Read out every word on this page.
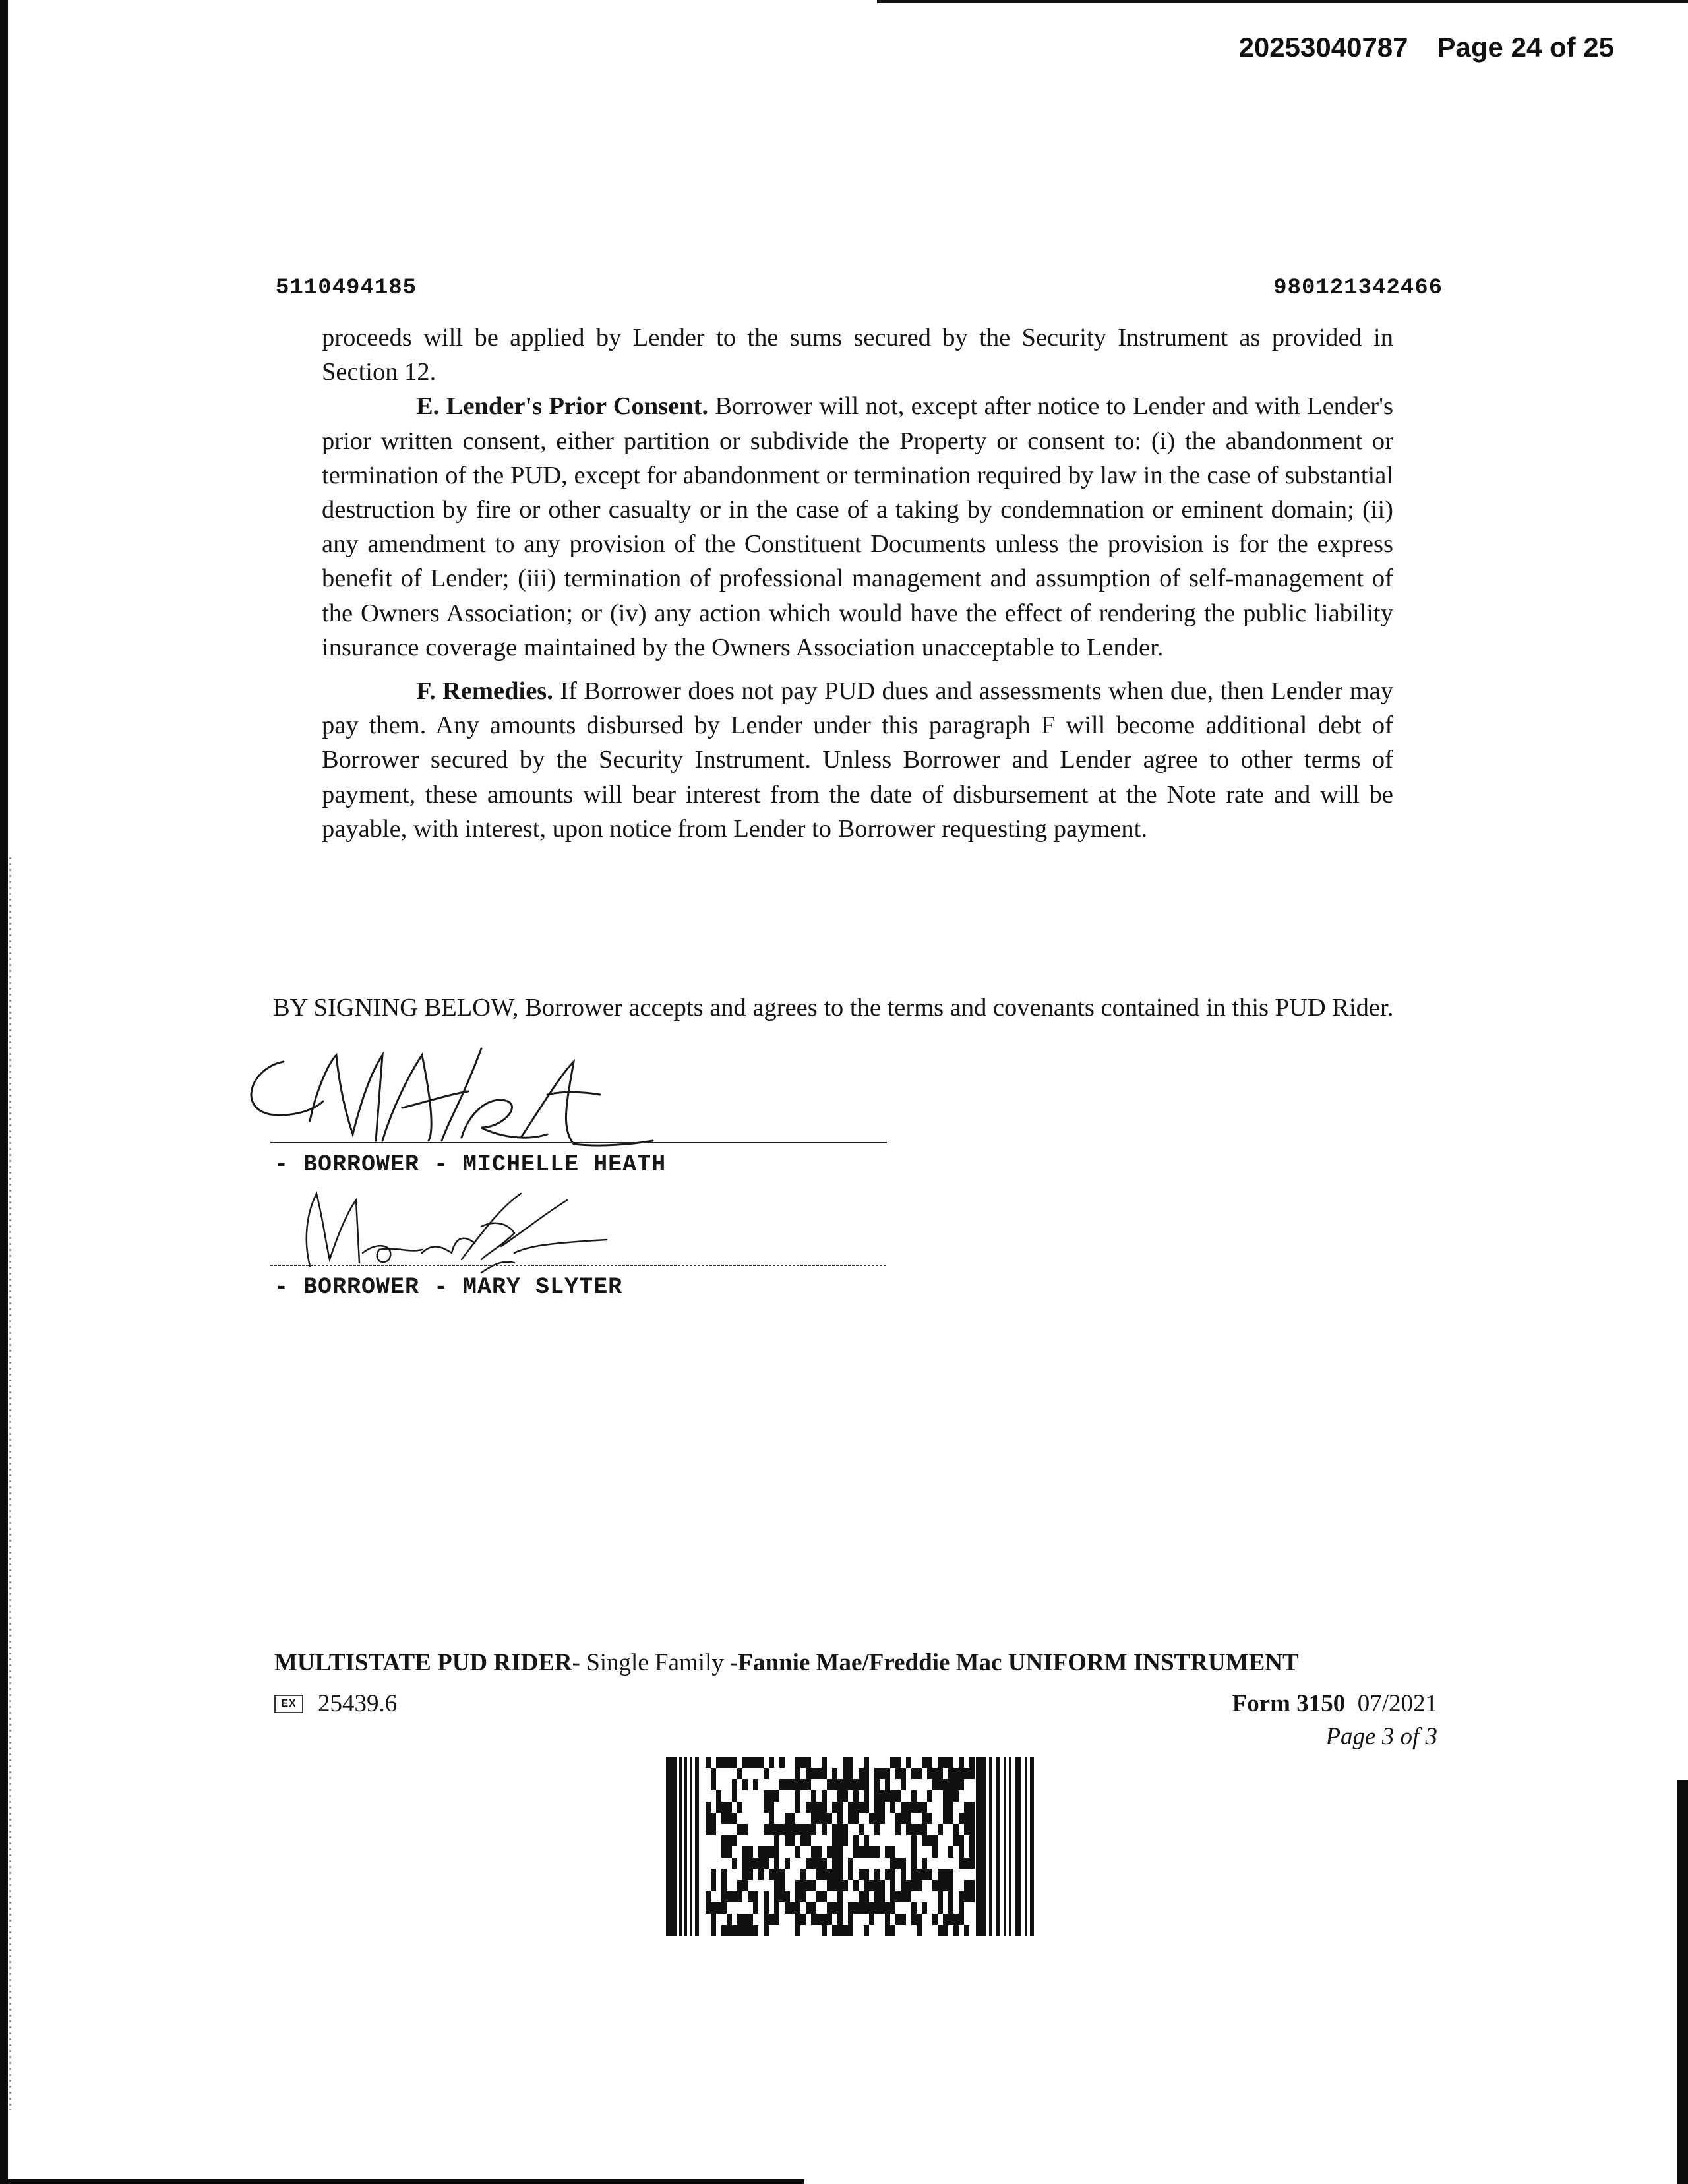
20253040787 Page 24 of 25
5110494185	980121342466

proceeds will be applied by Lender to the sums secured by the Security Instrument as provided in Section 12.

E. Lender's Prior Consent. Borrower will not, except after notice to Lender and with Lender's prior written consent, either partition or subdivide the Property or consent to: (i) the abandonment or termination of the PUD, except for abandonment or termination required by law in the case of substantial destruction by fire or other casualty or in the case of a taking by condemnation or eminent domain; (ii) any amendment to any provision of the Constituent Documents unless the provision is for the express benefit of Lender; (iii) termination of professional management and assumption of self-management of the Owners Association; or (iv) any action which would have the effect of rendering the public liability insurance coverage maintained by the Owners Association unacceptable to Lender.

F. Remedies. If Borrower does not pay PUD dues and assessments when due, then Lender may pay them. Any amounts disbursed by Lender under this paragraph F will become additional debt of Borrower secured by the Security Instrument. Unless Borrower and Lender agree to other terms of payment, these amounts will bear interest from the date of disbursement at the Note rate and will be payable, with interest, upon notice from Lender to Borrower requesting payment.

BY SIGNING BELOW, Borrower accepts and agrees to the terms and covenants contained in this PUD Rider.
- BORROWER - MICHELLE HEATH
- BORROWER - MARY SLYTER
MULTISTATE PUD RIDER- Single Family -Fannie Mae/Freddie Mac UNIFORM INSTRUMENT
EX 25439.6	Form 3150 07/2021
Page 3 of 3
